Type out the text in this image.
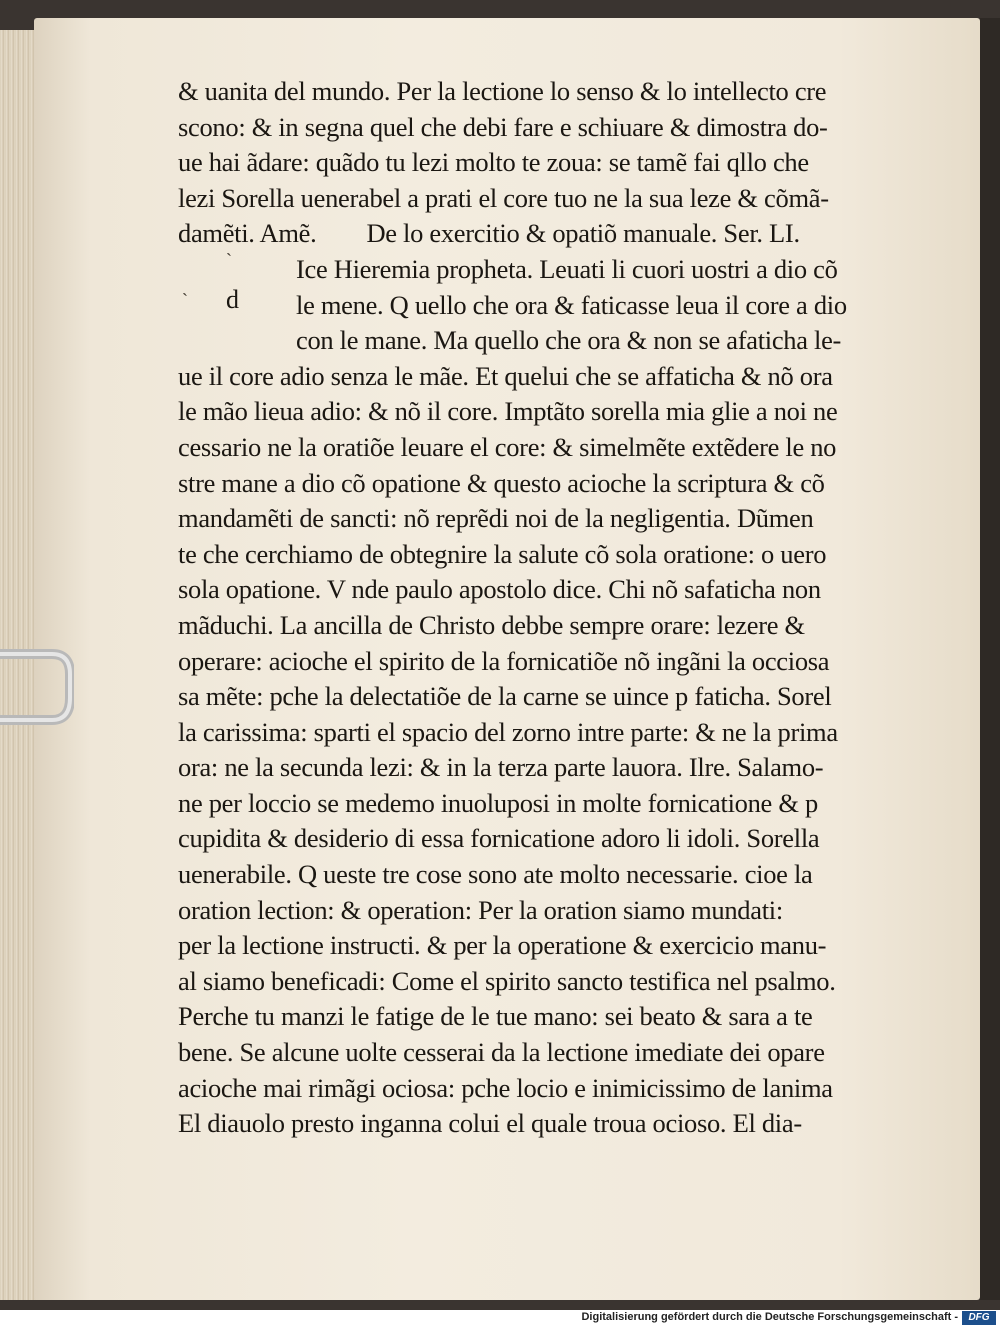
ˋ
ˋ d
& uanita del mundo. Per la lectione lo senso & lo intellecto cre
scono: & in segna quel che debi fare e schiuare & dimostra do-
ue hai ãdare: quãdo tu lezi molto te zoua: se tamẽ fai qllo che
lezi Sorella uenerabel a prati el core tuo ne la sua leze & cõmã-
damẽti. Amẽ. De lo exercitio & opatiõ manuale. Ser. LI.
Ice Hieremia propheta. Leuati li cuori uostri a dio cõ
le mene. Q uello che ora & faticasse leua il core a dio
con le mane. Ma quello che ora & non se afaticha le-
ue il core adio senza le mãe. Et quelui che se affaticha & nõ ora
le mão lieua adio: & nõ il core. Imptãto sorella mia glie a noi ne
cessario ne la oratiõe leuare el core: & simelmẽte extẽdere le no
stre mane a dio cõ opatione & questo acioche la scriptura & cõ
mandamẽti de sancti: nõ reprẽdi noi de la negligentia. Dũmen
te che cerchiamo de obtegnire la salute cõ sola oratione: o uero
sola opatione. V nde paulo apostolo dice. Chi nõ safaticha non
mãduchi. La ancilla de Christo debbe sempre orare: lezere &
operare: acioche el spirito de la fornicatiõe nõ ingãni la occiosa
sa mẽte: pche la delectatiõe de la carne se uince p faticha. Sorel
la carissima: sparti el spacio del zorno intre parte: & ne la prima
ora: ne la secunda lezi: & in la terza parte lauora. Ilre. Salamo-
ne per loccio se medemo inuoluposi in molte fornicatione & p
cupidita & desiderio di essa fornicatione adoro li idoli. Sorella
uenerabile. Q ueste tre cose sono ate molto necessarie. cioe la
oration lection: & operation: Per la oration siamo mundati:
per la lectione instructi. & per la operatione & exercicio manu-
al siamo beneficadi: Come el spirito sancto testifica nel psalmo.
Perche tu manzi le fatige de le tue mano: sei beato & sara a te
bene. Se alcune uolte cesserai da la lectione imediate dei opare
acioche mai rimãgi ociosa: pche locio e inimicissimo de lanima
El diauolo presto inganna colui el quale troua ocioso. El dia-
Digitalisierung gefördert durch die Deutsche Forschungsgemeinschaft -	DFG
